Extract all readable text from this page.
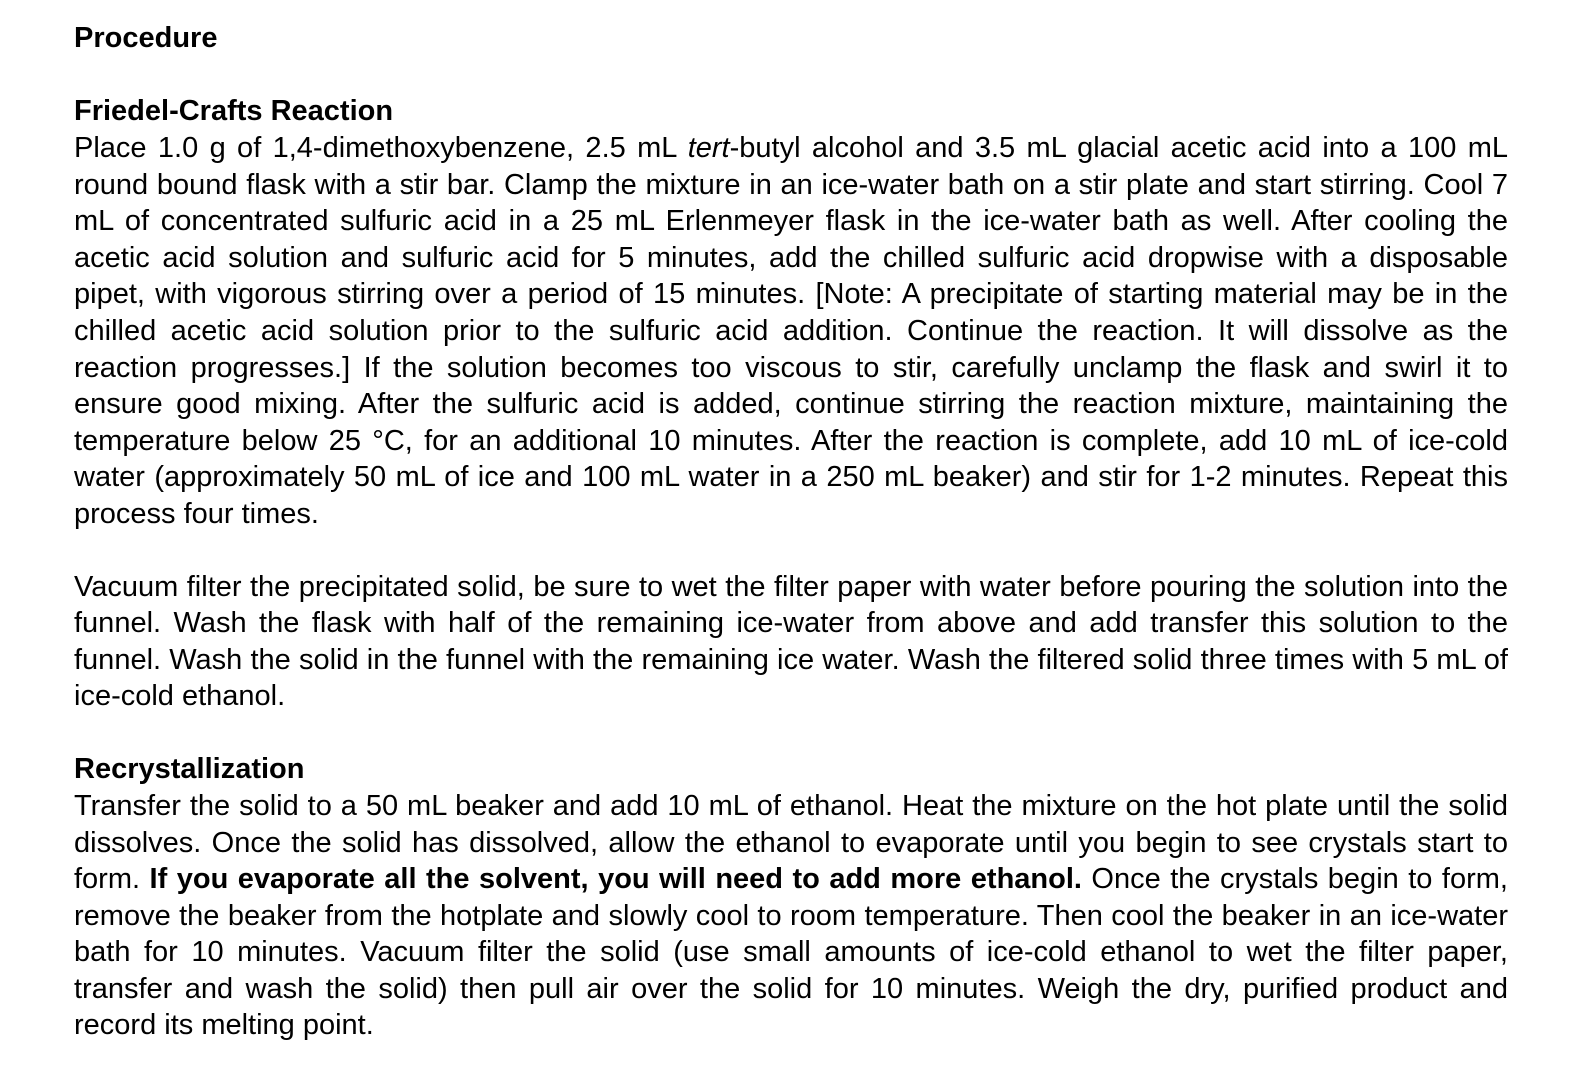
Procedure
Friedel-Crafts Reaction

Place 1.0 g of 1,4-dimethoxybenzene, 2.5 mL tert-butyl alcohol and 3.5 mL glacial acetic acid into a 100 mL round bound flask with a stir bar. Clamp the mixture in an ice-water bath on a stir plate and start stirring. Cool 7 mL of concentrated sulfuric acid in a 25 mL Erlenmeyer flask in the ice-water bath as well. After cooling the acetic acid solution and sulfuric acid for 5 minutes, add the chilled sulfuric acid dropwise with a disposable pipet, with vigorous stirring over a period of 15 minutes. [Note: A precipitate of starting material may be in the chilled acetic acid solution prior to the sulfuric acid addition. Continue the reaction. It will dissolve as the reaction progresses.] If the solution becomes too viscous to stir, carefully unclamp the flask and swirl it to ensure good mixing. After the sulfuric acid is added, continue stirring the reaction mixture, maintaining the temperature below 25 °C, for an additional 10 minutes. After the reaction is complete, add 10 mL of ice-cold water (approximately 50 mL of ice and 100 mL water in a 250 mL beaker) and stir for 1-2 minutes. Repeat this process four times.

Vacuum filter the precipitated solid, be sure to wet the filter paper with water before pouring the solution into the funnel. Wash the flask with half of the remaining ice-water from above and add transfer this solution to the funnel. Wash the solid in the funnel with the remaining ice water. Wash the filtered solid three times with 5 mL of ice-cold ethanol.

Recrystallization

Transfer the solid to a 50 mL beaker and add 10 mL of ethanol. Heat the mixture on the hot plate until the solid dissolves. Once the solid has dissolved, allow the ethanol to evaporate until you begin to see crystals start to form. If you evaporate all the solvent, you will need to add more ethanol. Once the crystals begin to form, remove the beaker from the hotplate and slowly cool to room temperature. Then cool the beaker in an ice-water bath for 10 minutes. Vacuum filter the solid (use small amounts of ice-cold ethanol to wet the filter paper, transfer and wash the solid) then pull air over the solid for 10 minutes. Weigh the dry, purified product and record its melting point.
